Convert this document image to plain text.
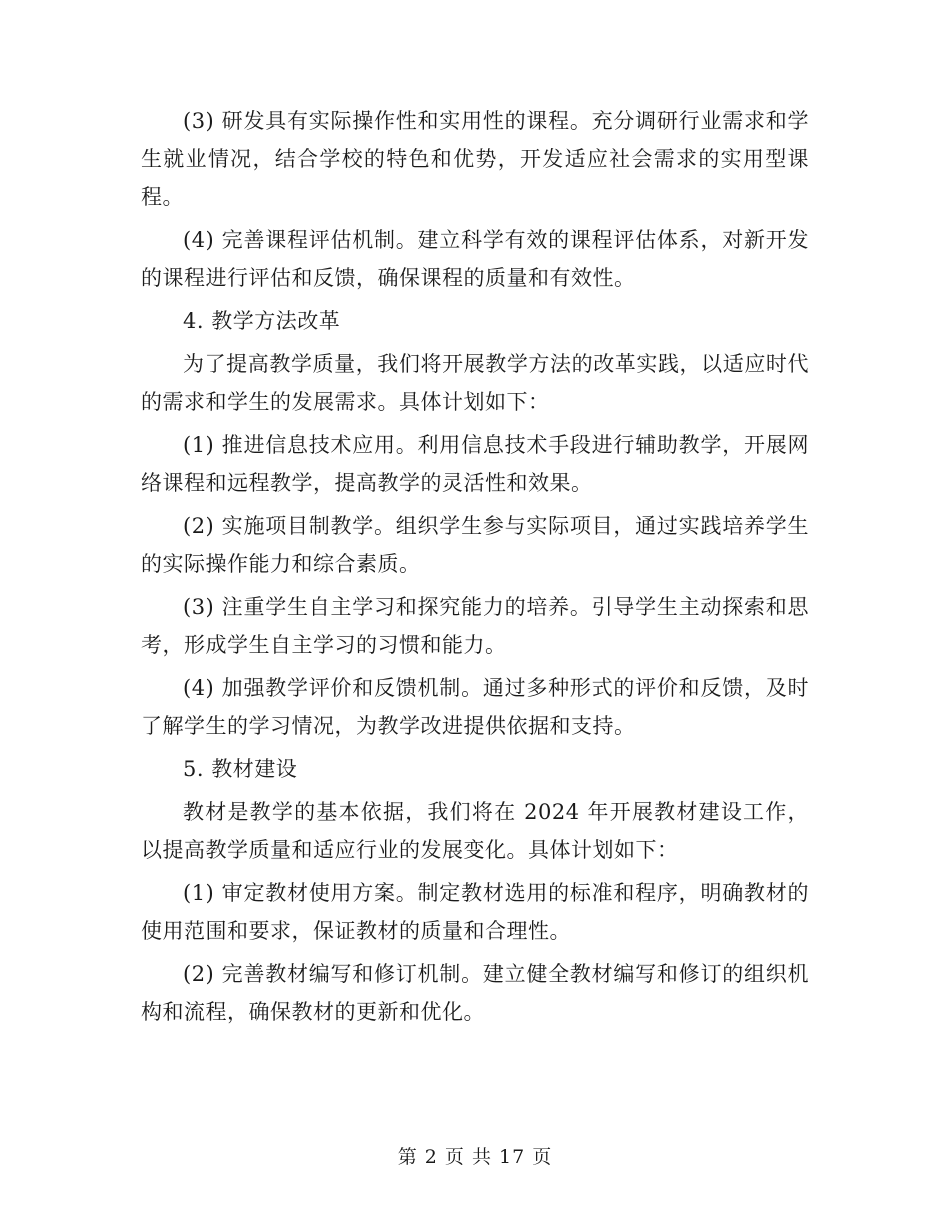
(3) 研发具有实际操作性和实用性的课程。充分调研行业需求和学生就业情况，结合学校的特色和优势，开发适应社会需求的实用型课程。

(4) 完善课程评估机制。建立科学有效的课程评估体系，对新开发的课程进行评估和反馈，确保课程的质量和有效性。

4. 教学方法改革

为了提高教学质量，我们将开展教学方法的改革实践，以适应时代的需求和学生的发展需求。具体计划如下：

(1) 推进信息技术应用。利用信息技术手段进行辅助教学，开展网络课程和远程教学，提高教学的灵活性和效果。

(2) 实施项目制教学。组织学生参与实际项目，通过实践培养学生的实际操作能力和综合素质。

(3) 注重学生自主学习和探究能力的培养。引导学生主动探索和思考，形成学生自主学习的习惯和能力。

(4) 加强教学评价和反馈机制。通过多种形式的评价和反馈，及时了解学生的学习情况，为教学改进提供依据和支持。

5. 教材建设

教材是教学的基本依据，我们将在 2024 年开展教材建设工作，以提高教学质量和适应行业的发展变化。具体计划如下：

(1) 审定教材使用方案。制定教材选用的标准和程序，明确教材的使用范围和要求，保证教材的质量和合理性。

(2) 完善教材编写和修订机制。建立健全教材编写和修订的组织机构和流程，确保教材的更新和优化。

第 2 页 共 17 页
